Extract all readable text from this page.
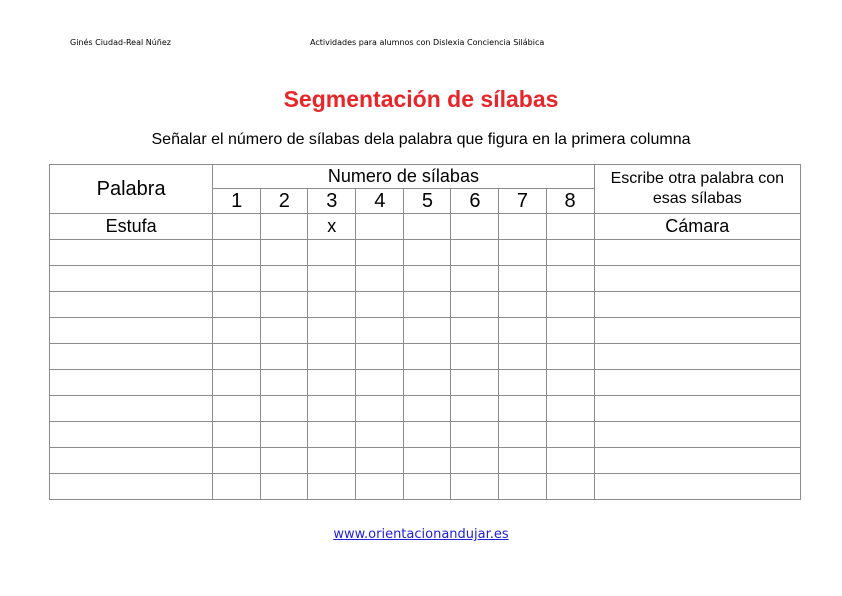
Ginés Ciudad-Real Núñez	Actividades para alumnos con Dislexia Conciencia Silábica
Segmentación de sílabas
Señalar el número de sílabas dela palabra que figura en la primera columna
Palabra	Numero de sílabas								Escribe otra palabra con esas sílabas
	1	2	3	4	5	6	7	8	
Estufa			x						Cámara

www.orientacionandujar.es
